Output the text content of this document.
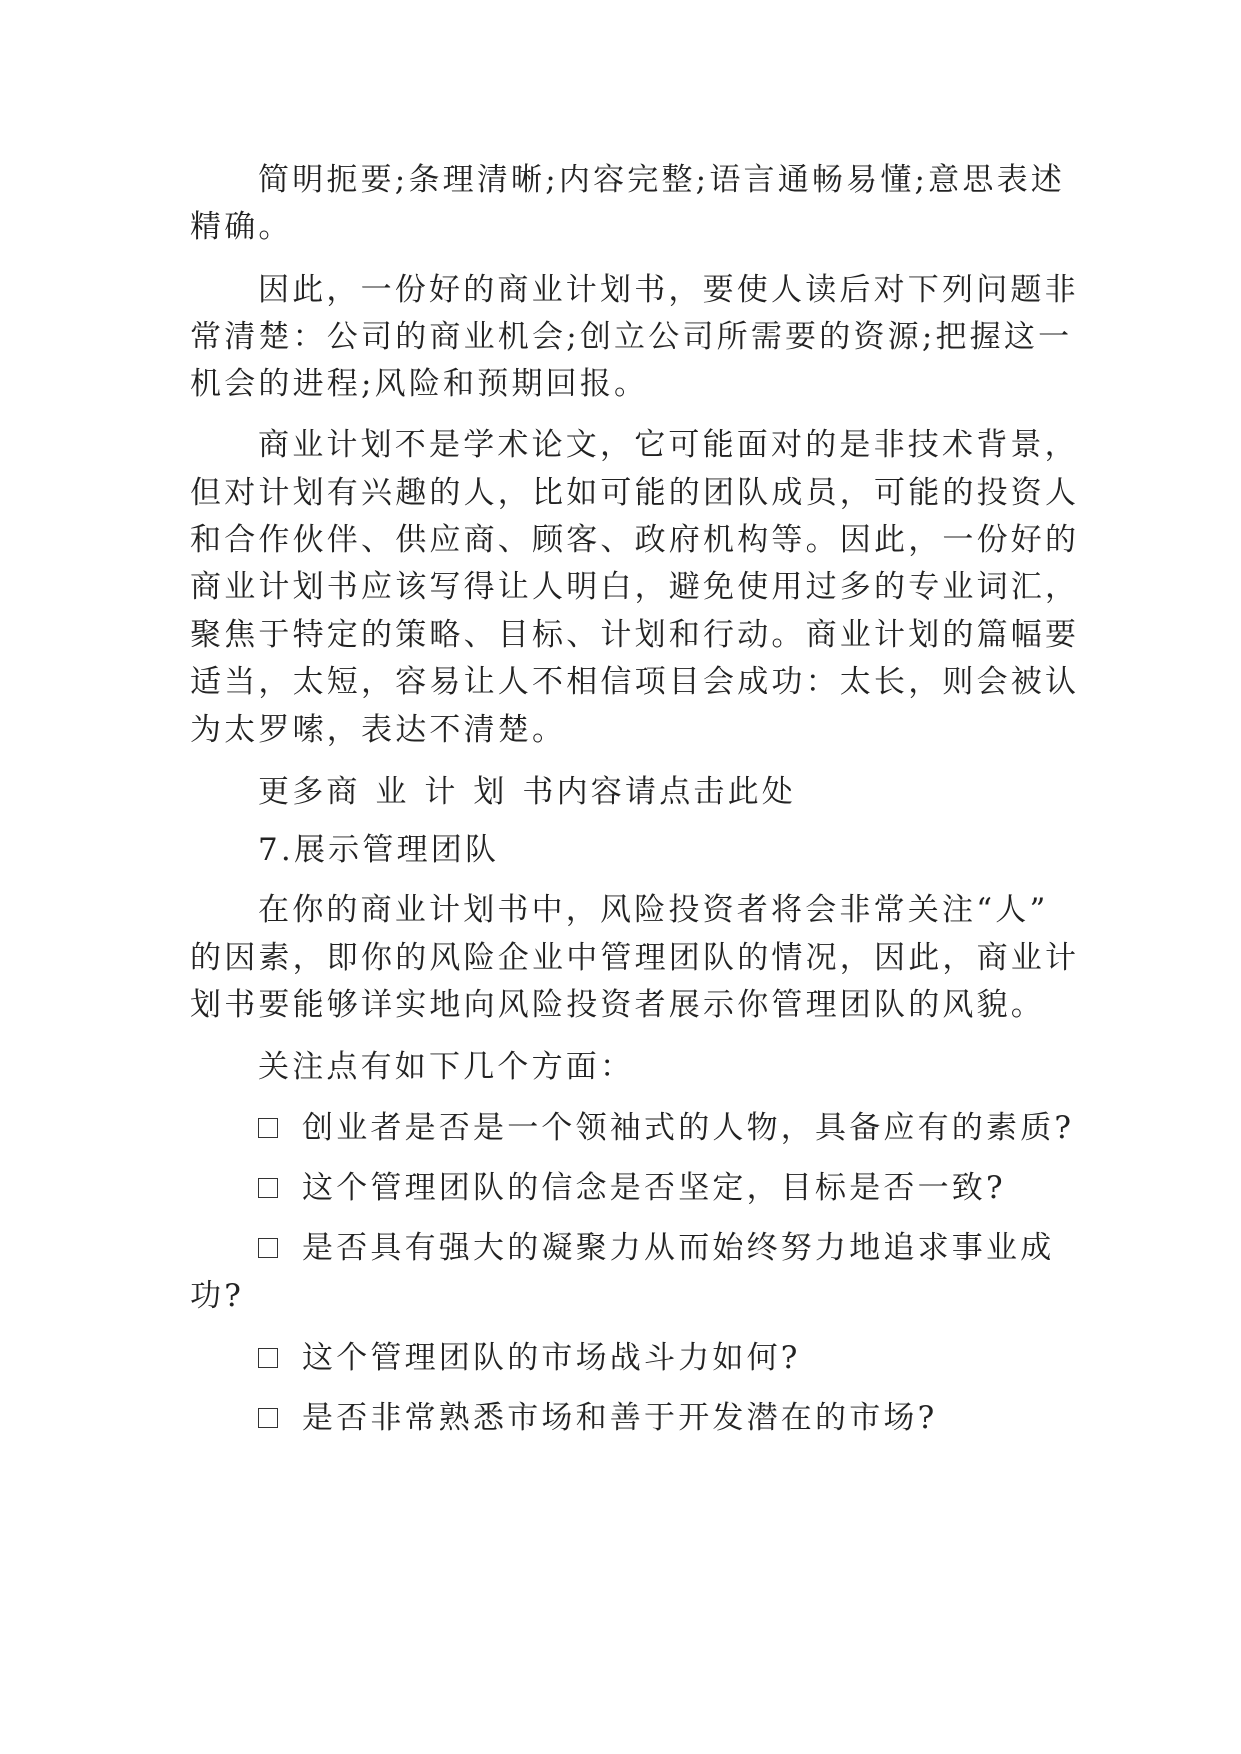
简明扼要;条理清晰;内容完整;语言通畅易懂;意思表述
精确。
因此，一份好的商业计划书，要使人读后对下列问题非
常清楚：公司的商业机会;创立公司所需要的资源;把握这一
机会的进程;风险和预期回报。
商业计划不是学术论文，它可能面对的是非技术背景，
但对计划有兴趣的人，比如可能的团队成员，可能的投资人
和合作伙伴、供应商、顾客、政府机构等。因此，一份好的
商业计划书应该写得让人明白，避免使用过多的专业词汇，
聚焦于特定的策略、目标、计划和行动。商业计划的篇幅要
适当，太短，容易让人不相信项目会成功：太长，则会被认
为太罗嗦，表达不清楚。
更多商业计划书内容请点击此处
7.展示管理团队
在你的商业计划书中，风险投资者将会非常关注“人”
的因素，即你的风险企业中管理团队的情况，因此，商业计
划书要能够详实地向风险投资者展示你管理团队的风貌。
关注点有如下几个方面：
创业者是否是一个领袖式的人物，具备应有的素质?
这个管理团队的信念是否坚定，目标是否一致?
是否具有强大的凝聚力从而始终努力地追求事业成
功?
这个管理团队的市场战斗力如何?
是否非常熟悉市场和善于开发潜在的市场?
